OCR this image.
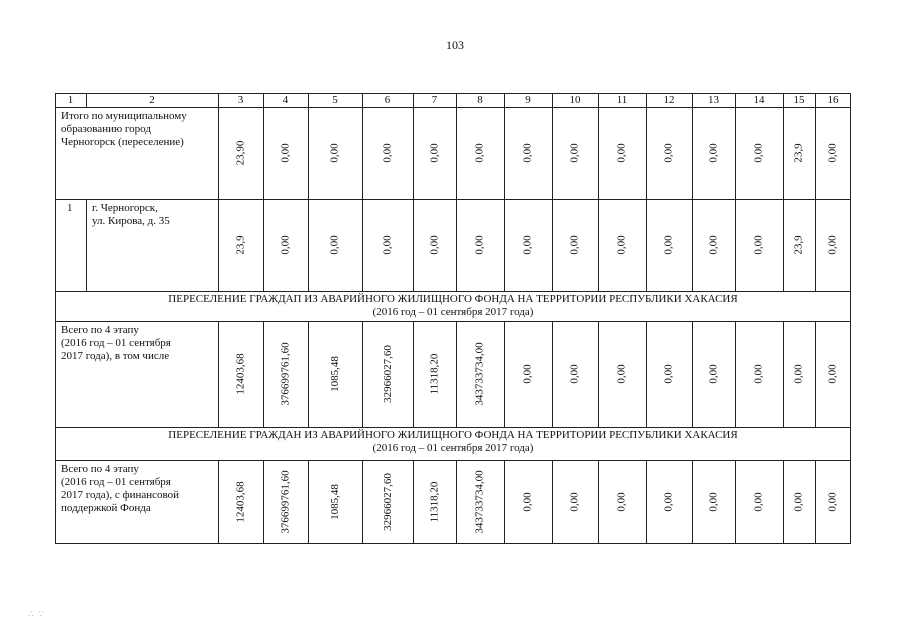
103
1	2	3	4	5	6	7	8	9	10	11	12	13	14	15	16
Итого по муниципальному
образованию город
Черногорск (переселение)	23,90	0,00	0,00	0,00	0,00	0,00	0,00	0,00	0,00	0,00	0,00	0,00	23,9 0,00
1 г. Черногорск,
ул. Кирова, д. 35
23,9	0,00	0,00	0,00	0,00	0,00	0,00	0,00	0,00	0,00	0,00	0,00	23,9 0,00
ПЕРЕСЕЛЕНИЕ ГРАЖДАП ИЗ АВАРИЙНОГО ЖИЛИЩНОГО ФОНДА НА ТЕРРИТОРИИ РЕСПУБЛИКИ ХАКАСИЯ
(2016 год – 01 сентября 2017 года)
Всего по 4 этапу
(2016 год – 01 сентября
2017 года), в том числе	12403,68	376699761,60	1085,48	32966027,60	11318,20	343733734,00	0,00	0,00	0,00	0,00	0,00	0,00	0,00 0,00
ПЕРЕСЕЛЕНИЕ ГРАЖДАН ИЗ АВАРИЙНОГО ЖИЛИЩНОГО ФОНДА НА ТЕРРИТОРИИ РЕСПУБЛИКИ ХАКАСИЯ
(2016 год – 01 сентября 2017 года)
Всего по 4 этапу
(2016 год – 01 сентября
2017 года), с финансовой
поддержкой Фонда	12403,68	376699761,60	1085,48	32966027,60	11318,20	343733734,00	0,00	0,00	0,00	0,00	0,00	0,00	0,00 0,00
∴ ∵
